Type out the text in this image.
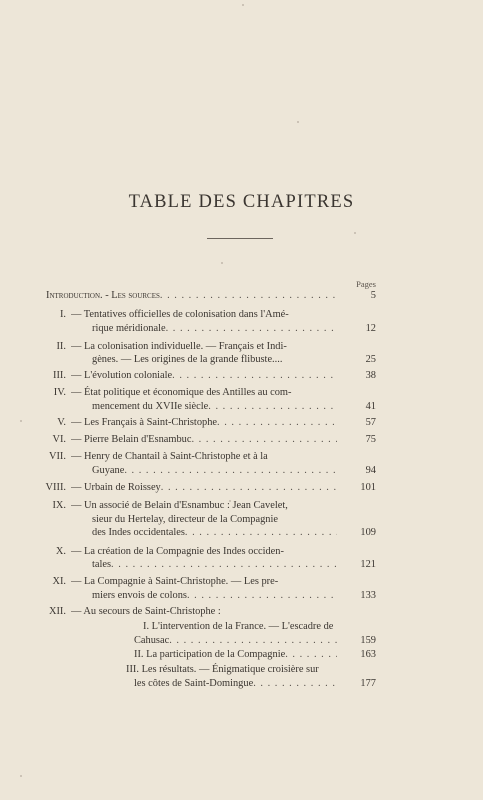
TABLE DES CHAPITRES
Pages
Introduction. - Les sources . . .	5
I. — Tentatives officielles de colonisation dans l'Amé-
rique méridionale . . .	12
II. — La colonisation individuelle. — Français et Indi-
gènes. — Les origines de la grande flibuste....	25
III. — L'évolution coloniale . . .	38
IV. — État politique et économique des Antilles au com-
mencement du XVIIe siècle . . .	41
V. — Les Français à Saint-Christophe . . .	57
VI. — Pierre Belain d'Esnambuc . . .	75
VII. — Henry de Chantail à Saint-Christophe et à la
Guyane . . .	94
VIII. — Urbain de Roissey . . .	101
IX. — Un associé de Belain d'Esnambuc : Jean Cavelet,
sieur du Hertelay, directeur de la Compagnie
des Indes occidentales . . .	109
X. — La création de la Compagnie des Indes occiden-
tales . . .	121
XI. — La Compagnie à Saint-Christophe. — Les pre-
miers envois de colons . . .	133
XII. — Au secours de Saint-Christophe :
I. L'intervention de la France. — L'escadre de
Cahusac . . .	159
II. La participation de la Compagnie . . .	163
III. Les résultats. — Énigmatique croisière sur
les côtes de Saint-Domingue . . .	177
